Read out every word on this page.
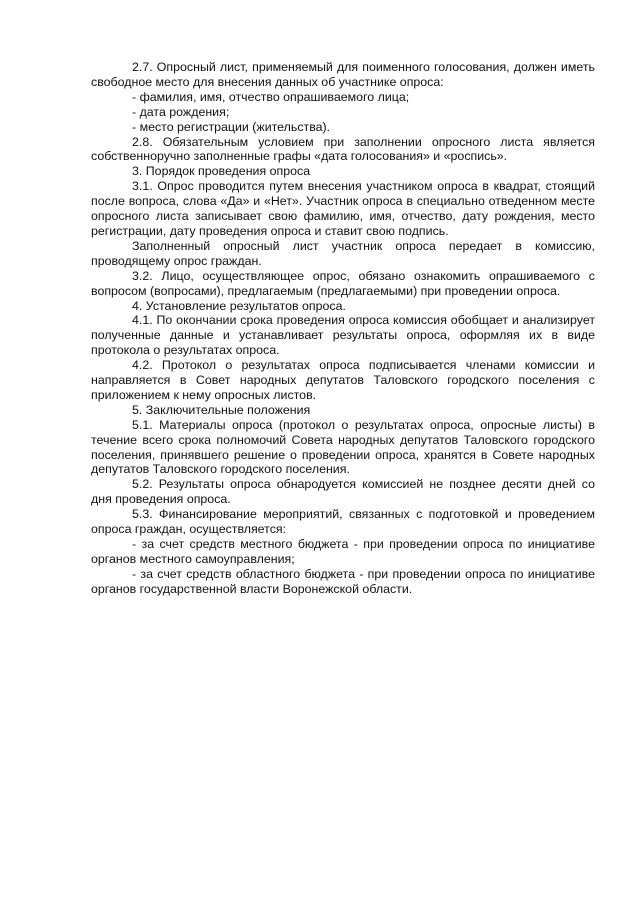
2.7. Опросный лист, применяемый для поименного голосования, должен иметь свободное место для внесения данных об участнике опроса:

- фамилия, имя, отчество опрашиваемого лица;

- дата рождения;

- место регистрации (жительства).

2.8. Обязательным условием при заполнении опросного листа является собственноручно заполненные графы «дата голосования» и «роспись».

3. Порядок проведения опроса

3.1. Опрос проводится путем внесения участником опроса в квадрат, стоящий после вопроса, слова «Да» и «Нет». Участник опроса в специально отведенном месте опросного листа записывает свою фамилию, имя, отчество, дату рождения, место регистрации, дату проведения опроса и ставит свою подпись.

Заполненный опросный лист участник опроса передает в комиссию, проводящему опрос граждан.

3.2. Лицо, осуществляющее опрос, обязано ознакомить опрашиваемого с вопросом (вопросами), предлагаемым (предлагаемыми) при проведении опроса.

4. Установление результатов опроса.

4.1. По окончании срока проведения опроса комиссия обобщает и анализирует полученные данные и устанавливает результаты опроса, оформляя их в виде протокола о результатах опроса.

4.2. Протокол о результатах опроса подписывается членами комиссии и направляется в Совет народных депутатов Таловского городского поселения с приложением к нему опросных листов.

5. Заключительные положения

5.1. Материалы опроса (протокол о результатах опроса, опросные листы) в течение всего срока полномочий Совета народных депутатов Таловского городского поселения, принявшего решение о проведении опроса, хранятся в Совете народных депутатов Таловского городского поселения.

5.2. Результаты опроса обнародуется комиссией не позднее десяти дней со дня проведения опроса.

5.3. Финансирование мероприятий, связанных с подготовкой и проведением опроса граждан, осуществляется:

- за счет средств местного бюджета - при проведении опроса по инициативе органов местного самоуправления;

- за счет средств областного бюджета - при проведении опроса по инициативе органов государственной власти Воронежской области.
